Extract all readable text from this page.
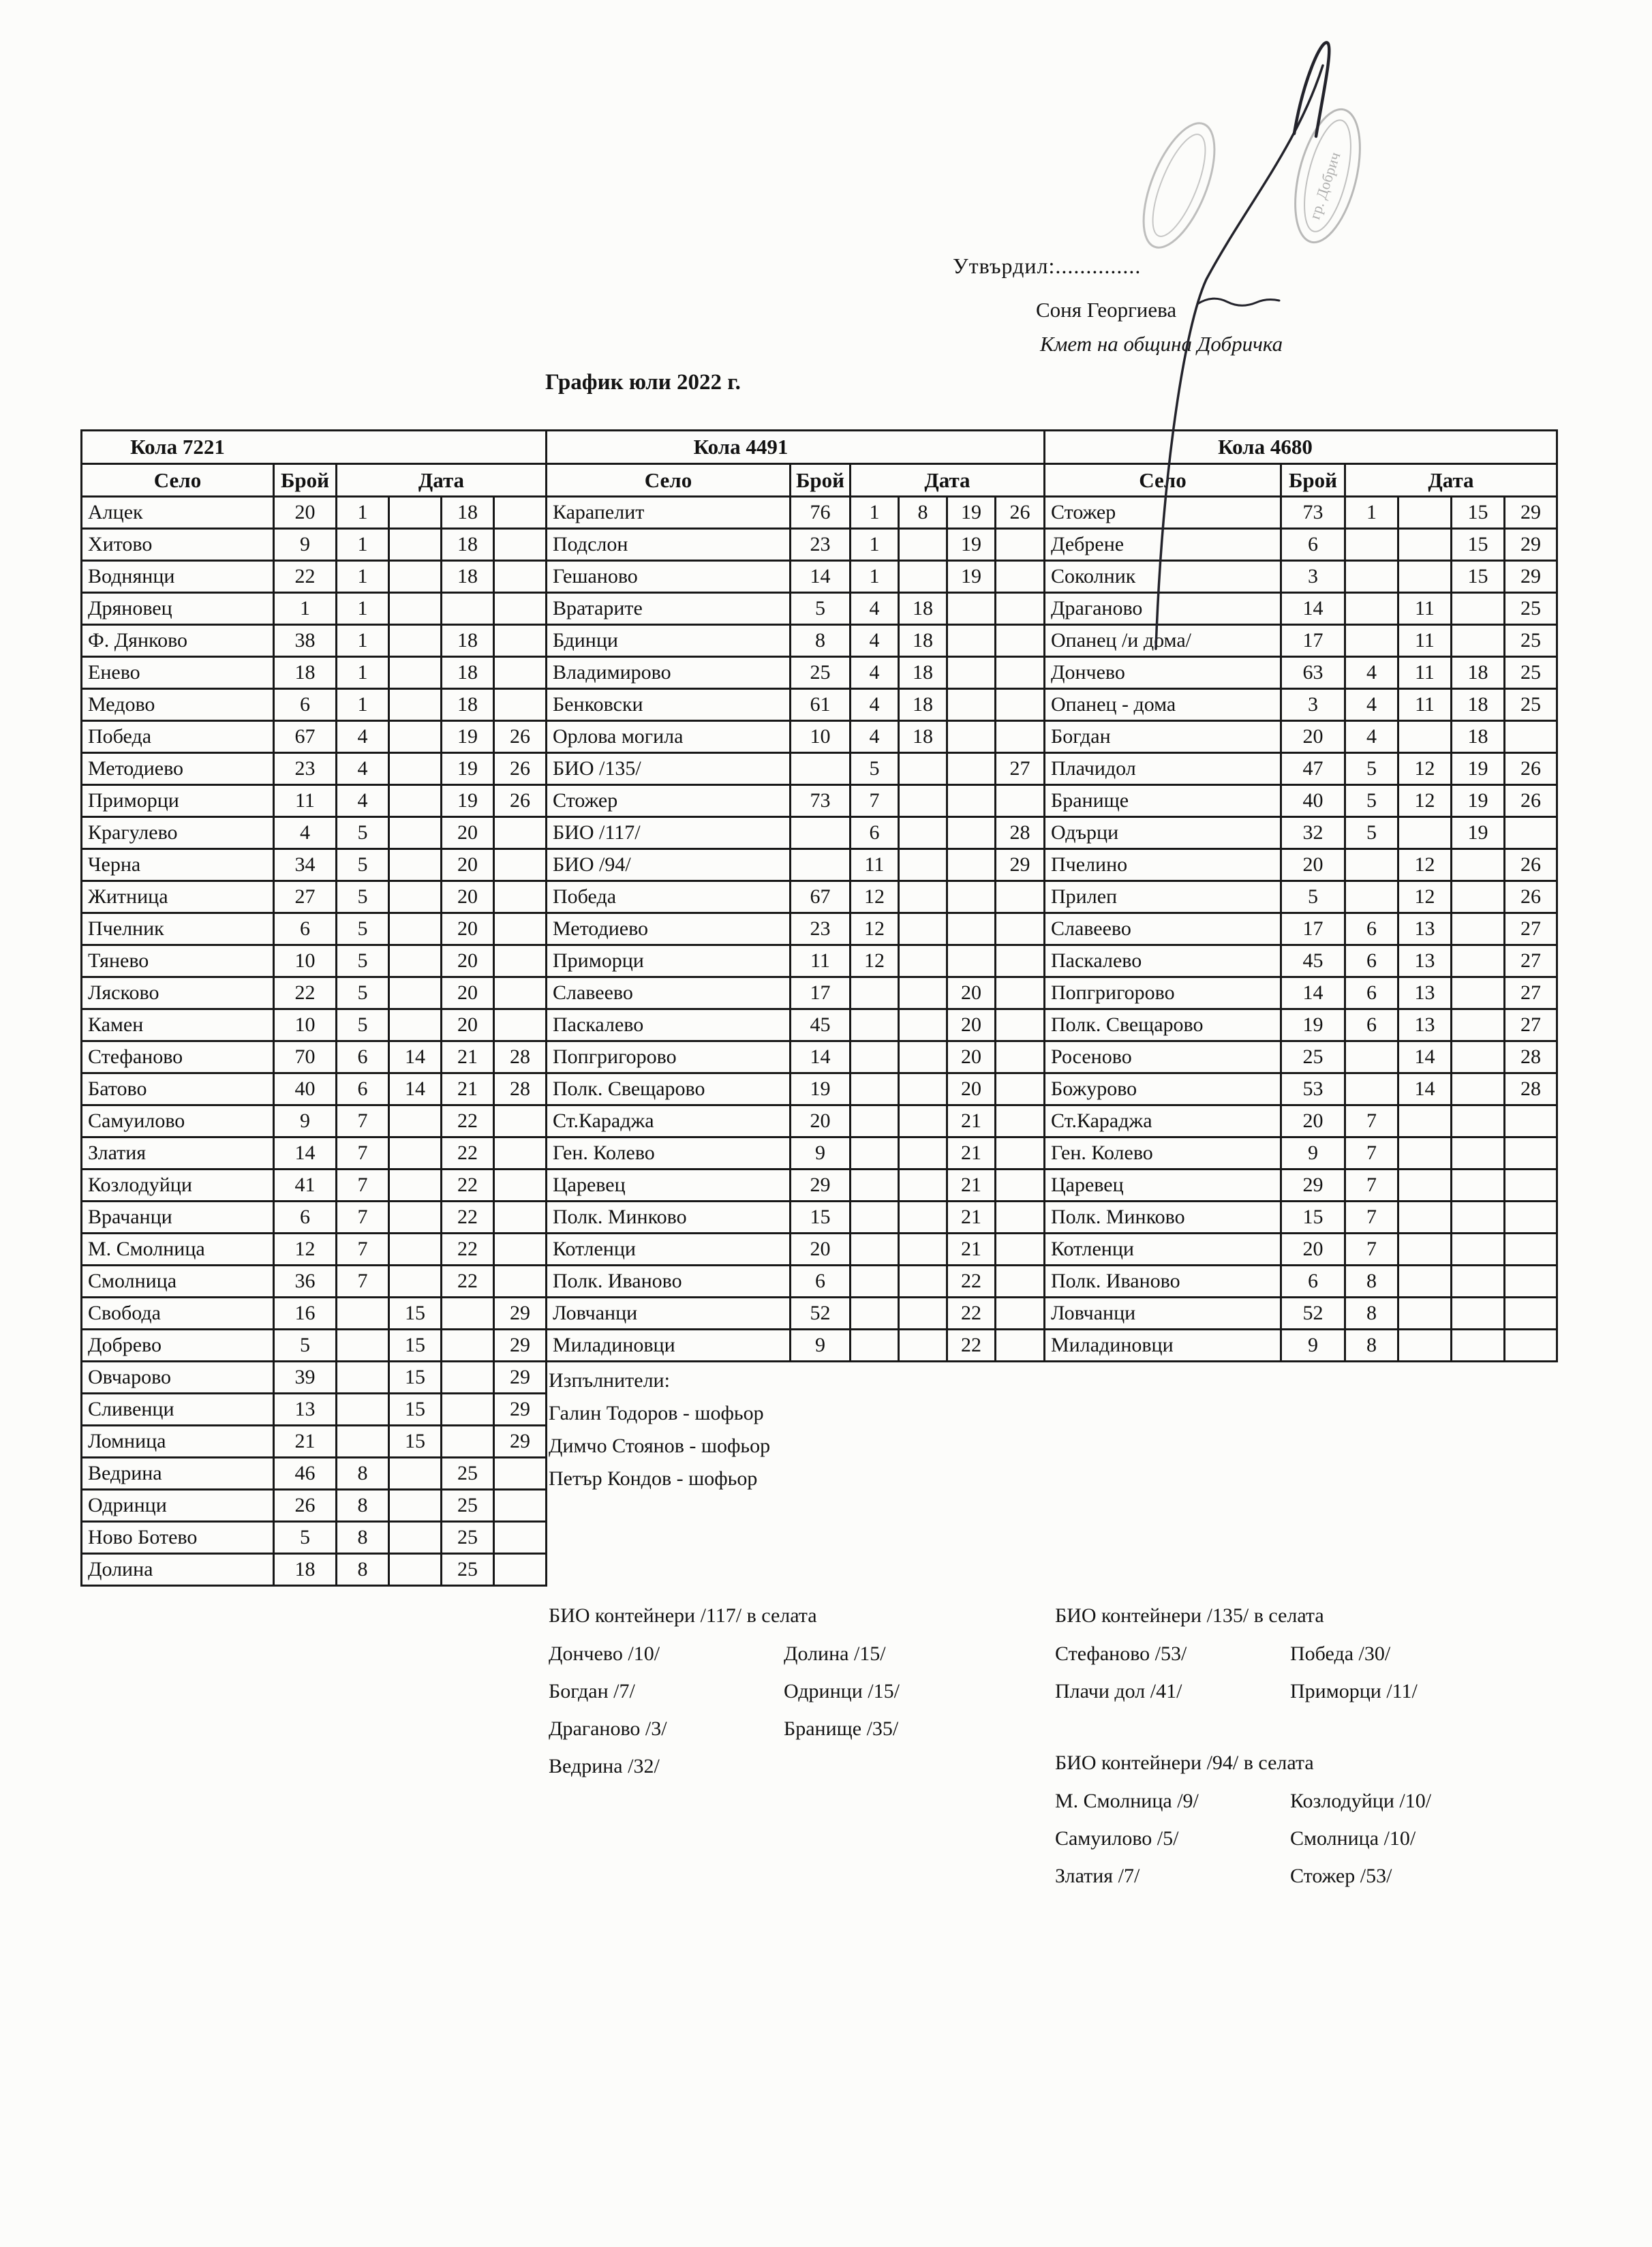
Утвърдил:..............
Соня Георгиева
Кмет на община Добричка
График юли 2022 г.
Кола 7221					
Село	Брой	Дата			
Алцек	20	1		18	
Хитово	9	1		18	
Воднянци	22	1		18	
Дряновец	1	1			
Ф. Дянково	38	1		18	
Енево	18	1		18	
Медово	6	1		18	
Победа	67	4		19	26
Методиево	23	4		19	26
Приморци	11	4		19	26
Крагулево	4	5		20	
Черна	34	5		20	
Житница	27	5		20	
Пчелник	6	5		20	
Тянево	10	5		20	
Лясково	22	5		20	
Камен	10	5		20	
Стефаново	70	6	14	21	28
Батово	40	6	14	21	28
Самуилово	9	7		22	
Златия	14	7		22	
Козлодуйци	41	7		22	
Врачанци	6	7		22	
М. Смолница	12	7		22	
Смолница	36	7		22	
Свобода	16		15		29
Добрево	5		15		29
Овчарово	39		15		29
Сливенци	13		15		29
Ломница	21		15		29
Ведрина	46	8		25	
Одринци	26	8		25	
Ново Ботево	5	8		25	
Долина	18	8		25	
Кола 4491					
Село	Брой	Дата			
Карапелит	76	1	8	19	26
Подслон	23	1		19	
Гешаново	14	1		19	
Вратарите	5	4	18		
Бдинци	8	4	18		
Владимирово	25	4	18		
Бенковски	61	4	18		
Орлова могила	10	4	18		
БИО /135/		5			27
Стожер	73	7			
БИО /117/		6			28
БИО /94/		11			29
Победа	67	12			
Методиево	23	12			
Приморци	11	12			
Славеево	17			20	
Паскалево	45			20	
Попгригорово	14			20	
Полк. Свещарово	19			20	
Ст.Караджа	20			21	
Ген. Колево	9			21	
Царевец	29			21	
Полк. Минково	15			21	
Котленци	20			21	
Полк. Иваново	6			22	
Ловчанци	52			22	
Миладиновци	9			22	
Кола 4680					
Село	Брой	Дата			
Стожер	73	1		15	29
Дебрене	6			15	29
Соколник	3			15	29
Драганово	14		11		25
Опанец /и дома/	17		11		25
Дончево	63	4	11	18	25
Опанец - дома	3	4	11	18	25
Богдан	20	4		18	
Плачидол	47	5	12	19	26
Бранище	40	5	12	19	26
Одърци	32	5		19	
Пчелино	20		12		26
Прилеп	5		12		26
Славеево	17	6	13		27
Паскалево	45	6	13		27
Попгригорово	14	6	13		27
Полк. Свещарово	19	6	13		27
Росеново	25		14		28
Божурово	53		14		28
Ст.Караджа	20	7			
Ген. Колево	9	7			
Царевец	29	7			
Полк. Минково	15	7			
Котленци	20	7			
Полк. Иваново	6	8			
Ловчанци	52	8			
Миладиновци	9	8			
Изпълнители:
Галин Тодоров - шофьор
Димчо Стоянов - шофьор
Петър Кондов - шофьор
БИО контейнери /117/ в селата
Дончево /10/	Долина /15/
Богдан /7/	Одринци /15/
Драганово /3/	Бранище /35/
Ведрина /32/
БИО контейнери /135/ в селата
Стефаново /53/	Победа /30/
Плачи дол /41/	Приморци /11/
БИО контейнери /94/ в селата
М. Смолница /9/	Козлодуйци /10/
Самуилово /5/	Смолница /10/
Златия /7/	Стожер /53/
гр. Добрич
